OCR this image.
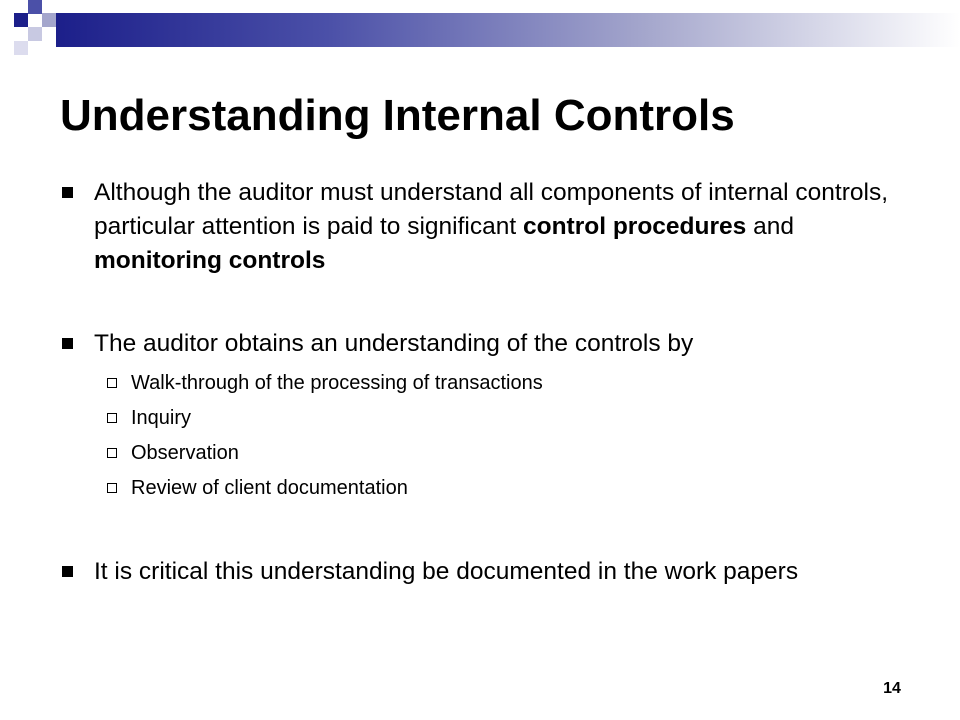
Understanding Internal Controls
Although the auditor must understand all components of internal controls, particular attention is paid to significant control procedures and monitoring controls
The auditor obtains an understanding of the controls by
Walk-through of the processing of transactions
Inquiry
Observation
Review of client documentation
It is critical this understanding be documented in the work papers
14
